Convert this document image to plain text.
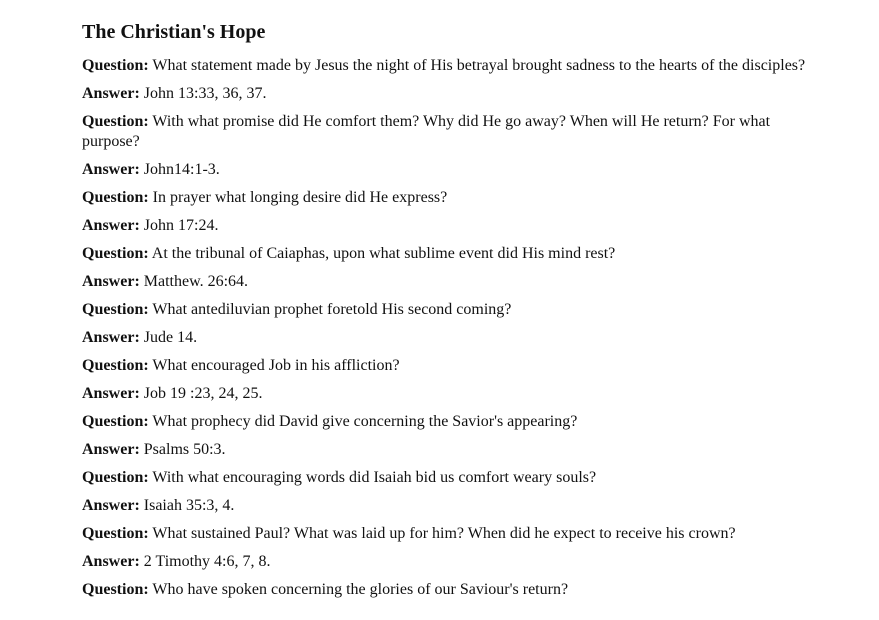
The Christian's Hope

Question: What statement made by Jesus the night of His betrayal brought sadness to the hearts of the disciples?

Answer: John 13:33, 36, 37.

Question: With what promise did He comfort them? Why did He go away? When will He return? For what purpose?

Answer: John14:1-3.

Question: In prayer what longing desire did He express?

Answer: John 17:24.

Question: At the tribunal of Caiaphas, upon what sublime event did His mind rest?

Answer: Matthew. 26:64.

Question: What antediluvian prophet foretold His second coming?

Answer: Jude 14.

Question: What encouraged Job in his affliction?

Answer: Job 19 :23, 24, 25.

Question: What prophecy did David give concerning the Savior's appearing?

Answer: Psalms 50:3.

Question: With what encouraging words did Isaiah bid us comfort weary souls?

Answer: Isaiah 35:3, 4.

Question: What sustained Paul? What was laid up for him? When did he expect to receive his crown?

Answer: 2 Timothy 4:6, 7, 8.

Question: Who have spoken concerning the glories of our Saviour's return?
